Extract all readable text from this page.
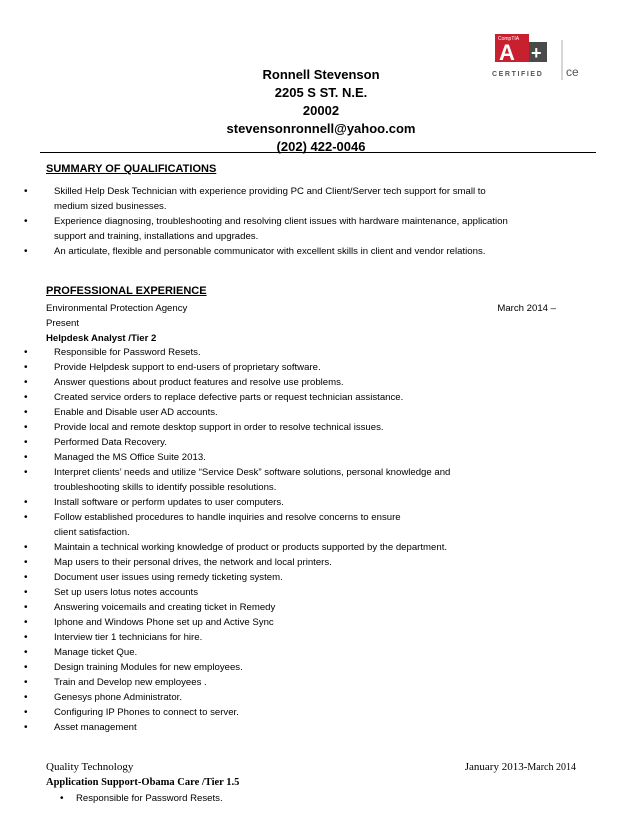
CompTIA
A +
CERTIFIED ce
Ronnell Stevenson
2205 S ST. N.E.
20002
stevensonronnell@yahoo.com
(202) 422-0046
SUMMARY OF QUALIFICATIONS
•	Skilled Help Desk Technician with experience providing PC and Client/Server tech support for small to
medium sized businesses.
•	Experience diagnosing, troubleshooting and resolving client issues with hardware maintenance, application
support and training, installations and upgrades.
•	An articulate, flexible and personable communicator with excellent skills in client and vendor relations.
PROFESSIONAL EXPERIENCE
Environmental Protection Agency	March 2014 –
Present
Helpdesk Analyst /Tier 2
•	Responsible for Password Resets.
•	Provide Helpdesk support to end-users of proprietary software.
•	Answer questions about product features and resolve use problems.
•	Created service orders to replace defective parts or request technician assistance.
•	Enable and Disable user AD accounts.
•	Provide local and remote desktop support in order to resolve technical issues.
•	Performed Data Recovery.
•	Managed the MS Office Suite 2013.
•	Interpret clients’ needs and utilize “Service Desk” software solutions, personal knowledge and
troubleshooting skills to identify possible resolutions.
•	Install software or perform updates to user computers.
•	Follow established procedures to handle inquiries and resolve concerns to ensure
client satisfaction.
•	Maintain a technical working knowledge of product or products supported by the department.
•	Map users to their personal drives, the network and local printers.
•	Document user issues using remedy ticketing system.
•	Set up users lotus notes accounts
•	Answering voicemails and creating ticket in Remedy
•	Iphone and Windows Phone set up and Active Sync
•	Interview tier 1 technicians for hire.
•	Manage ticket Que.
•	Design training Modules for new employees.
•	Train and Develop new employees .
•	Genesys phone Administrator.
•	Configuring IP Phones to connect to server.
•	Asset management
Quality Technology	January 2013-March 2014
Application Support-Obama Care /Tier 1.5
• Responsible for Password Resets.
